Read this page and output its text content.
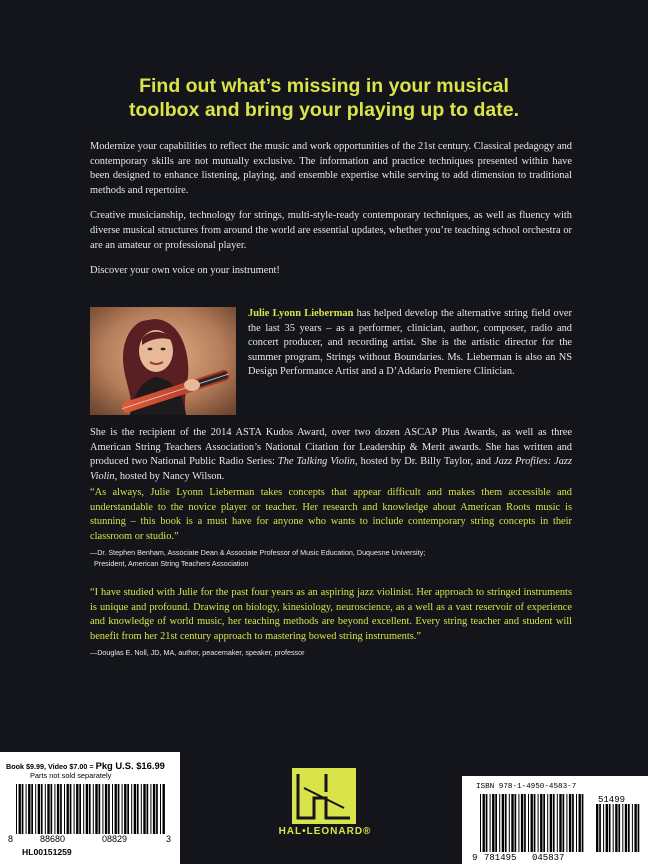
Find out what’s missing in your musical
toolbox and bring your playing up to date.

Modernize your capabilities to reflect the music and work opportunities of the 21st century. Classical pedagogy and contemporary skills are not mutually exclusive. The information and practice techniques presented within have been designed to enhance listening, playing, and ensemble expertise while serving to add dimension to traditional methods and repertoire.

Creative musicianship, technology for strings, multi-style-ready contemporary techniques, as well as fluency with diverse musical structures from around the world are essential updates, whether you’re teaching school orchestra or are an amateur or professional player.

Discover your own voice on your instrument!

Julie Lyonn Lieberman has helped develop the alternative string field over the last 35 years – as a performer, clinician, author, composer, radio and concert producer, and recording artist. She is the artistic director for the summer program, Strings without Boundaries. Ms. Lieberman is also an NS Design Performance Artist and a D’Addario Premiere Clinician.

She is the recipient of the 2014 ASTA Kudos Award, over two dozen ASCAP Plus Awards, as well as three American String Teachers Association’s National Citation for Leadership & Merit awards. She has written and produced two National Public Radio Series: The Talking Violin, hosted by Dr. Billy Taylor, and Jazz Profiles: Jazz Violin, hosted by Nancy Wilson.

“As always, Julie Lyonn Lieberman takes concepts that appear difficult and makes them accessible and understandable to the novice player or teacher. Her research and knowledge about American Roots music is stunning – this book is a must have for anyone who wants to include contemporary string concepts in their classroom or studio.”

—Dr. Stephen Benham, Associate Dean & Associate Professor of Music Education, Duquesne University;
President, American String Teachers Association

“I have studied with Julie for the past four years as an aspiring jazz violinist. Her approach to stringed instruments is unique and profound. Drawing on biology, kinesiology, neuroscience, as a well as a vast reservoir of experience and knowledge of world music, her teaching methods are beyond excellent. Every string teacher and student will benefit from her 21st century approach to mastering bowed string instruments.”

—Douglas E. Noll, JD, MA, author, peacemaker, speaker, professor

Book $9.99, Video $7.00 = Pkg U.S. $16.99
Parts not sold separately
8	88680	08829	3
HL00151259
HAL•LEONARD®
ISBN 978-1-4950-4583-7
51499
9 781495 045837
